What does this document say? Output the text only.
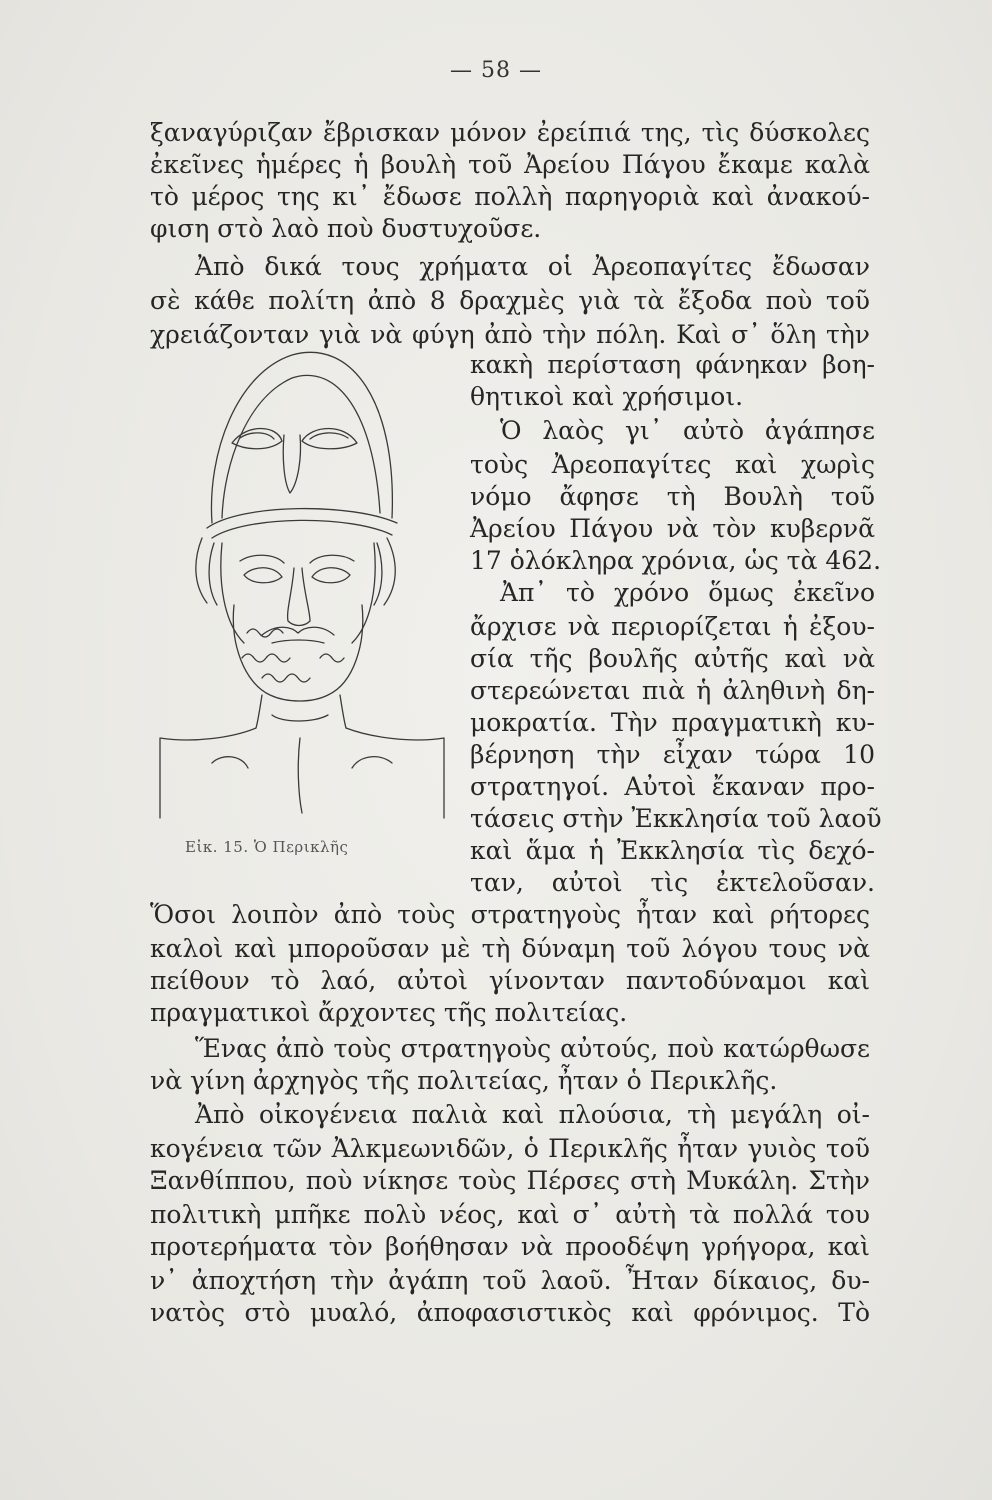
— 58 —
ξαναγύριζαν ἔβρισκαν μόνον ἐρείπιά της, τὶς δύσκολες
ἐκεῖνες ἡμέρες ἡ βουλὴ τοῦ Ἀρείου Πάγου ἔκαμε καλὰ
τὸ μέρος της κι᾿ ἔδωσε πολλὴ παρηγοριὰ καὶ ἀνακού-
φιση στὸ λαὸ ποὺ δυστυχοῦσε.
Ἀπὸ δικά τους χρήματα οἱ Ἀρεοπαγίτες ἔδωσαν
σὲ κάθε πολίτη ἀπὸ 8 δραχμὲς γιὰ τὰ ἔξοδα ποὺ τοῦ
χρειάζονταν γιὰ νὰ φύγη ἀπὸ τὴν πόλη. Καὶ σ᾿ ὅλη τὴν
κακὴ περίσταση φάνηκαν βοη-
θητικοὶ καὶ χρήσιμοι.
Ὁ λαὸς γι᾿ αὐτὸ ἀγάπησε
τοὺς Ἀρεοπαγίτες καὶ χωρὶς
νόμο ἄφησε τὴ Βουλὴ τοῦ
Ἀρείου Πάγου νὰ τὸν κυβερνᾶ
17 ὁλόκληρα χρόνια, ὡς τὰ 462.
Ἀπ᾿ τὸ χρόνο ὅμως ἐκεῖνο
ἄρχισε νὰ περιορίζεται ἡ ἐξου-
σία τῆς βουλῆς αὐτῆς καὶ νὰ
στερεώνεται πιὰ ἡ ἀληθινὴ δη-
μοκρατία. Τὴν πραγματικὴ κυ-
βέρνηση τὴν εἶχαν τώρα 10
στρατηγοί. Αὐτοὶ ἔκαναν προ-
τάσεις στὴν Ἐκκλησία τοῦ λαοῦ
καὶ ἅμα ἡ Ἐκκλησία τὶς δεχό-
ταν, αὐτοὶ τὶς ἐκτελοῦσαν.
Ὅσοι λοιπὸν ἀπὸ τοὺς στρατηγοὺς ἦταν καὶ ρήτορες
καλοὶ καὶ μποροῦσαν μὲ τὴ δύναμη τοῦ λόγου τους νὰ
πείθουν τὸ λαό, αὐτοὶ γίνονταν παντοδύναμοι καὶ
πραγματικοὶ ἄρχοντες τῆς πολιτείας.
Ἕνας ἀπὸ τοὺς στρατηγοὺς αὐτούς, ποὺ κατώρθωσε
νὰ γίνη ἀρχηγὸς τῆς πολιτείας, ἦταν ὁ Περικλῆς.
Ἀπὸ οἰκογένεια παλιὰ καὶ πλούσια, τὴ μεγάλη οἰ-
κογένεια τῶν Ἀλκμεωνιδῶν, ὁ Περικλῆς ἦταν γυιὸς τοῦ
Ξανθίππου, ποὺ νίκησε τοὺς Πέρσες στὴ Μυκάλη. Στὴν
πολιτικὴ μπῆκε πολὺ νέος, καὶ σ᾿ αὐτὴ τὰ πολλά του
προτερήματα τὸν βοήθησαν νὰ προοδέψη γρήγορα, καὶ
ν᾿ ἀποχτήση τὴν ἀγάπη τοῦ λαοῦ. Ἦταν δίκαιος, δυ-
νατὸς στὸ μυαλό, ἀποφασιστικὸς καὶ φρόνιμος. Τὸ
Εἰκ. 15. Ὁ Περικλῆς
